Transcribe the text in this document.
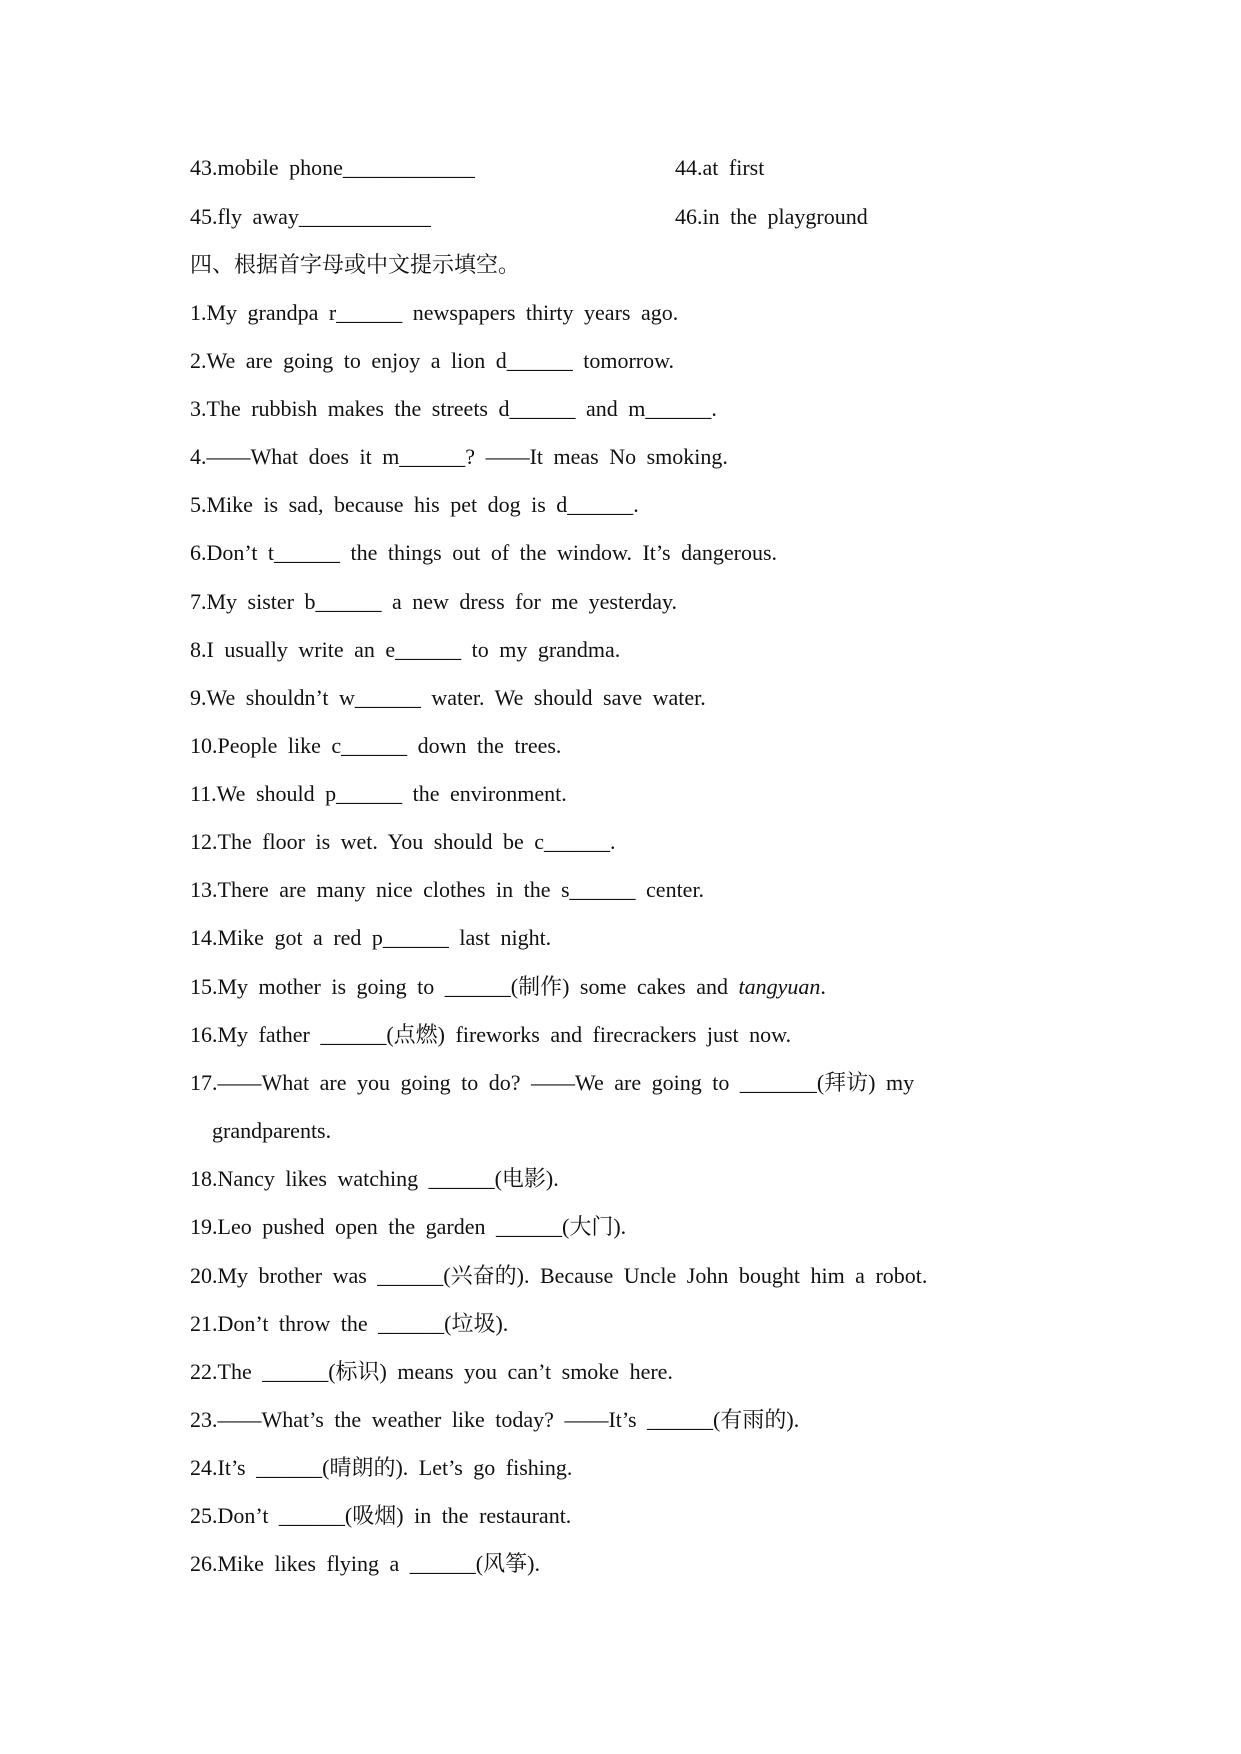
43.mobile phone____________	44.at first
45.fly away____________	46.in the playground
四、根据首字母或中文提示填空。
1.My grandpa r______ newspapers thirty years ago.
2.We are going to enjoy a lion d______ tomorrow.
3.The rubbish makes the streets d______ and m______.
4.——What does it m______? ——It meas No smoking.
5.Mike is sad, because his pet dog is d______.
6.Don’t t______ the things out of the window. It’s dangerous.
7.My sister b______ a new dress for me yesterday.
8.I usually write an e______ to my grandma.
9.We shouldn’t w______ water. We should save water.
10.People like c______ down the trees.
11.We should p______ the environment.
12.The floor is wet. You should be c______.
13.There are many nice clothes in the s______ center.
14.Mike got a red p______ last night.
15.My mother is going to ______(制作) some cakes and tangyuan.
16.My father ______(点燃) fireworks and firecrackers just now.
17.——What are you going to do? ——We are going to _______(拜访) my
grandparents.
18.Nancy likes watching ______(电影).
19.Leo pushed open the garden ______(大门).
20.My brother was ______(兴奋的). Because Uncle John bought him a robot.
21.Don’t throw the ______(垃圾).
22.The ______(标识) means you can’t smoke here.
23.——What’s the weather like today? ——It’s ______(有雨的).
24.It’s ______(晴朗的). Let’s go fishing.
25.Don’t ______(吸烟) in the restaurant.
26.Mike likes flying a ______(风筝).
